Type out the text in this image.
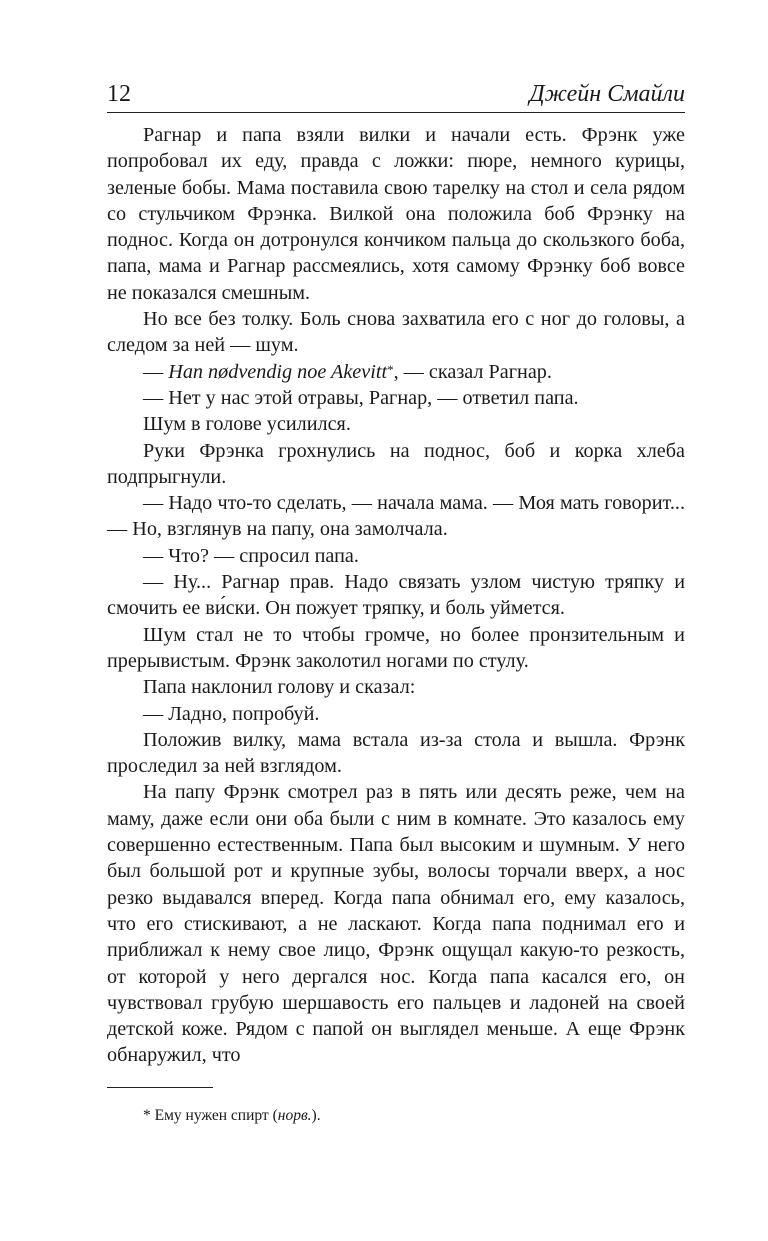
12	Джейн Смайли

Рагнар и папа взяли вилки и начали есть. Фрэнк уже попробовал их еду, правда с ложки: пюре, немного курицы, зеленые бобы. Мама поставила свою тарелку на стол и села рядом со стульчиком Фрэнка. Вилкой она положила боб Фрэнку на поднос. Когда он дотронулся кончиком пальца до скользкого боба, папа, мама и Рагнар рассмеялись, хотя самому Фрэнку боб вовсе не показался смешным.

Но все без толку. Боль снова захватила его с ног до головы, а следом за ней — шум.

— Han nødvendig noe Akevitt*, — сказал Рагнар.

— Нет у нас этой отравы, Рагнар, — ответил папа.

Шум в голове усилился.

Руки Фрэнка грохнулись на поднос, боб и корка хлеба подпрыгнули.

— Надо что-то сделать, — начала мама. — Моя мать говорит... — Но, взглянув на папу, она замолчала.

— Что? — спросил папа.

— Ну... Рагнар прав. Надо связать узлом чистую тряпку и смочить ее ви́ски. Он пожует тряпку, и боль уймется.

Шум стал не то чтобы громче, но более пронзительным и прерывистым. Фрэнк заколотил ногами по стулу.

Папа наклонил голову и сказал:

— Ладно, попробуй.

Положив вилку, мама встала из-за стола и вышла. Фрэнк проследил за ней взглядом.

На папу Фрэнк смотрел раз в пять или десять реже, чем на маму, даже если они оба были с ним в комнате. Это казалось ему совершенно естественным. Папа был высоким и шумным. У него был большой рот и крупные зубы, волосы торчали вверх, а нос резко выдавался вперед. Когда папа обнимал его, ему казалось, что его стискивают, а не ласкают. Когда папа поднимал его и приближал к нему свое лицо, Фрэнк ощущал какую-то резкость, от которой у него дергался нос. Когда папа касался его, он чувствовал грубую шершавость его пальцев и ладоней на своей детской коже. Рядом с папой он выглядел меньше. А еще Фрэнк обнаружил, что

* Ему нужен спирт (норв.).
